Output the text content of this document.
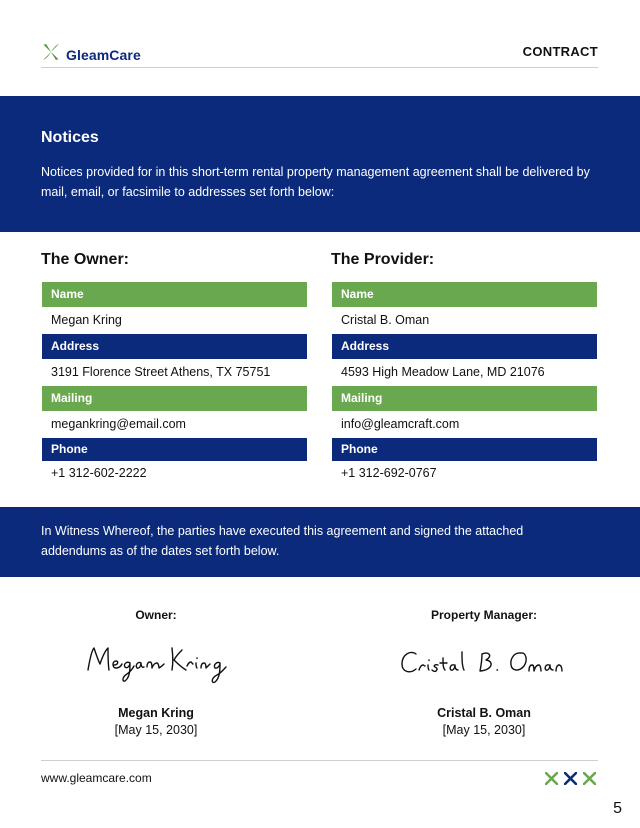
GleamCare	CONTRACT
Notices
Notices provided for in this short-term rental property management agreement shall be delivered by mail, email, or facsimile to addresses set forth below:
The Owner:
Name
Megan Kring
Address
3191 Florence Street Athens, TX 75751
Mailing
megankring@email.com
Phone
+1 312-602-2222
The Provider:
Name
Cristal B. Oman
Address
4593 High Meadow Lane, MD 21076
Mailing
info@gleamcraft.com
Phone
+1 312-692-0767
In Witness Whereof, the parties have executed this agreement and signed the attached addendums as of the dates set forth below.
Owner:
Megan Kring
[May 15, 2030]
Property Manager:
Cristal B. Oman
[May 15, 2030]
www.gleamcare.com
5
